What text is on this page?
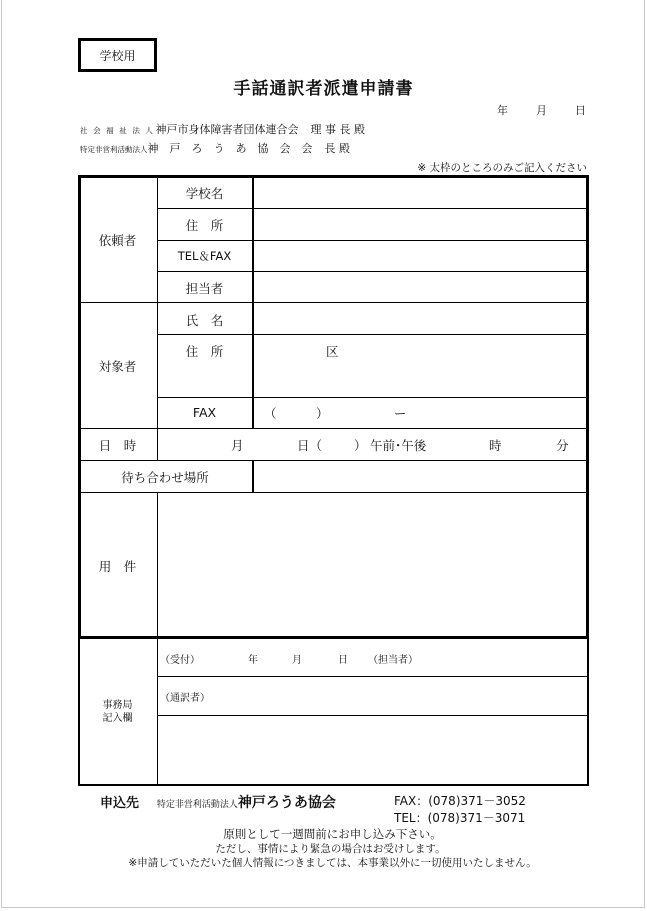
学校用
手話通訳者派遣申請書
年	月	日
社 会 福 祉 法 人 神戸市身体障害者団体連合会 理 事 長 殿
特定非営利活動法人 神　戸　ろ　う　あ　協　会　会 長 殿
※ 太枠のところのみご記入ください
依頼者
学校名
住　所
TEL＆FAX
担当者
対象者
氏　名
住　所	区
FAX	（	）	ー
日　時	月	日（	） 午前･午後	時	分
待ち合わせ場所
用　件
事務局
記入欄
（受付）	年	月	日 （担当者）
（通訳者）
申込先 特定非営利活動法人神戸ろうあ協会	FAX：(078)371－3052
TEL：(078)371－3071
原則として一週間前にお申し込み下さい。
ただし、事情により緊急の場合はお受けします。
※申請していただいた個人情報につきましては、本事業以外に一切使用いたしません。
